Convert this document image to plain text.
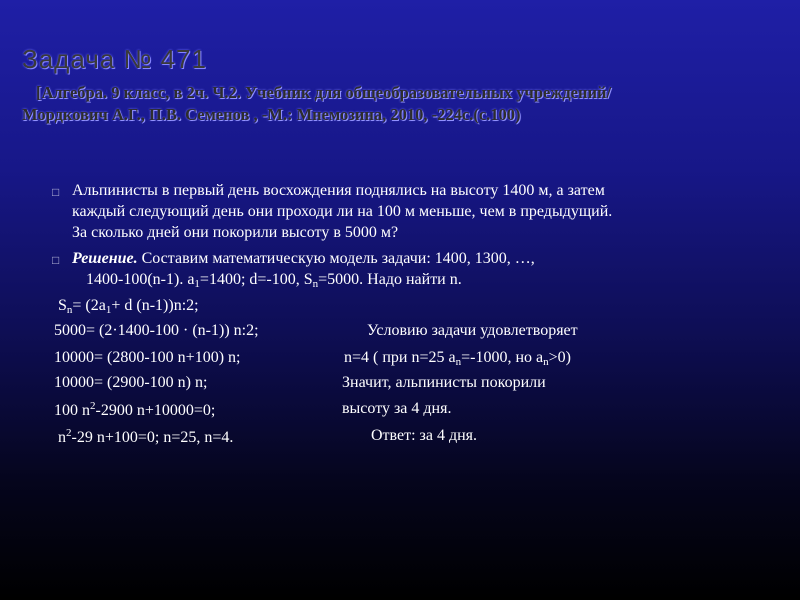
Задача № 471
[Алгебра. 9 класс, в 2ч. Ч.2. Учебник для общеобразовательных учреждений/
Мордкович А.Г., П.В. Семенов , -М.: Мнемозина, 2010, -224с.(с.100)
□ Альпинисты в первый день восхождения поднялись на высоту 1400 м, а затем
каждый следующий день они проходи ли на 100 м меньше, чем в предыдущий.
За сколько дней они покорили высоту в 5000 м?
□ Решение. Составим математическую модель задачи: 1400, 1300, …,
1400-100(n-1). $a_1=1400$; d=-100, $S_n=5000$. Надо найти n.
$S_n= (2a_1+ d$ (n-1))n:2;
5000= (2·1400-100 · (n-1)) n:2;
10000= (2800-100 n+100) n;
10000= (2900-100 n) n;
100 $n^2-2900$ n+10000=0;
$n^2-29$ n+100=0; n=25, n=4.
Условию задачи удовлетворяет
n=4 ( при n=25 $a_n=-1000$, но $a_n>0$)
Значит, альпинисты покорили
высоту за 4 дня.
Ответ: за 4 дня.
